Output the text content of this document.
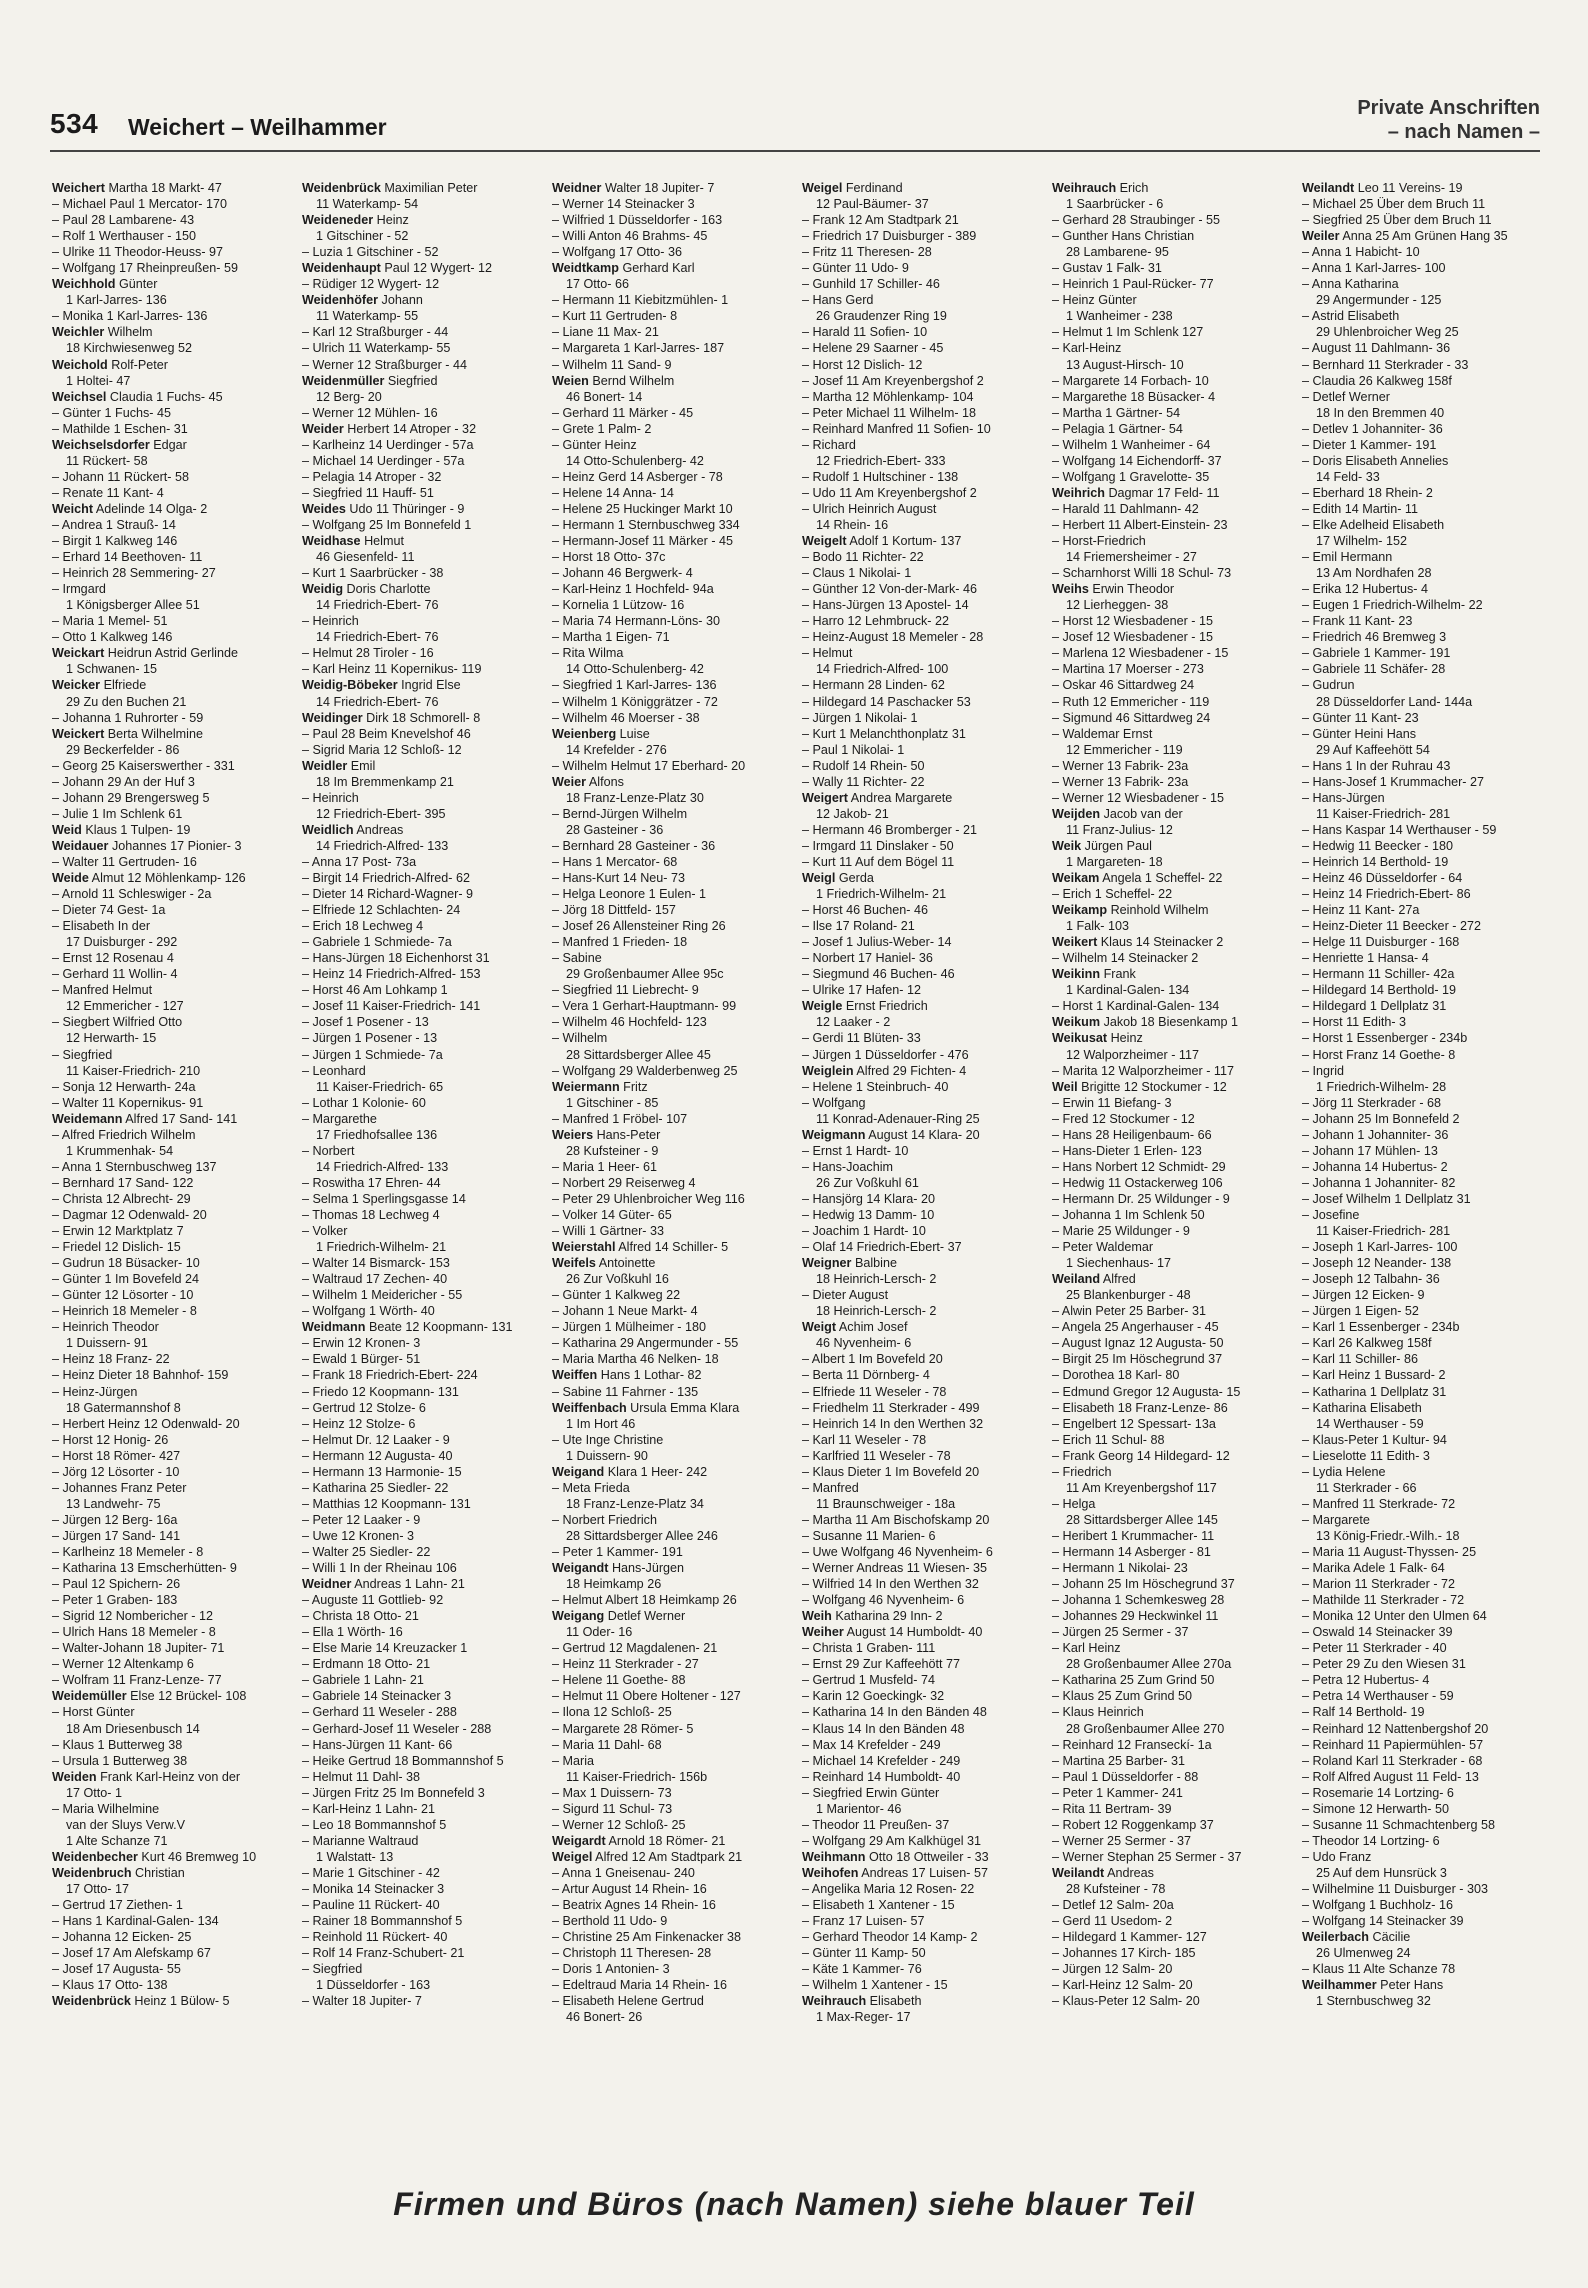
534 Weichert – Weilhammer
Private Anschriften
– nach Namen –
Weichert Martha 18 Markt- 47
– Michael Paul 1 Mercator- 170
– Paul 28 Lambarene- 43
– Rolf 1 Werthauser - 150
– Ulrike 11 Theodor-Heuss- 97
– Wolfgang 17 Rheinpreußen- 59
Weichhold Günter
1 Karl-Jarres- 136
– Monika 1 Karl-Jarres- 136
Weichler Wilhelm
18 Kirchwiesenweg 52
Weichold Rolf-Peter
1 Holtei- 47
Weichsel Claudia 1 Fuchs- 45
– Günter 1 Fuchs- 45
– Mathilde 1 Eschen- 31
Weichselsdorfer Edgar
11 Rückert- 58
– Johann 11 Rückert- 58
– Renate 11 Kant- 4
Weicht Adelinde 14 Olga- 2
– Andrea 1 Strauß- 14
– Birgit 1 Kalkweg 146
– Erhard 14 Beethoven- 11
– Heinrich 28 Semmering- 27
– Irmgard
1 Königsberger Allee 51
– Maria 1 Memel- 51
– Otto 1 Kalkweg 146
Weickart Heidrun Astrid Gerlinde
1 Schwanen- 15
Weicker Elfriede
29 Zu den Buchen 21
– Johanna 1 Ruhrorter - 59
Weickert Berta Wilhelmine
29 Beckerfelder - 86
– Georg 25 Kaiserswerther - 331
– Johann 29 An der Huf 3
– Johann 29 Brengersweg 5
– Julie 1 Im Schlenk 61
Weid Klaus 1 Tulpen- 19
Weidauer Johannes 17 Pionier- 3
– Walter 11 Gertruden- 16
Weide Almut 12 Möhlenkamp- 126
– Arnold 11 Schleswiger - 2a
– Dieter 74 Gest- 1a
– Elisabeth In der
17 Duisburger - 292
– Ernst 12 Rosenau 4
– Gerhard 11 Wollin- 4
– Manfred Helmut
12 Emmericher - 127
– Siegbert Wilfried Otto
12 Herwarth- 15
– Siegfried
11 Kaiser-Friedrich- 210
– Sonja 12 Herwarth- 24a
– Walter 11 Kopernikus- 91
Weidemann Alfred 17 Sand- 141
– Alfred Friedrich Wilhelm
1 Krummenhak- 54
– Anna 1 Sternbuschweg 137
– Bernhard 17 Sand- 122
– Christa 12 Albrecht- 29
– Dagmar 12 Odenwald- 20
– Erwin 12 Marktplatz 7
– Friedel 12 Dislich- 15
– Gudrun 18 Büsacker- 10
– Günter 1 Im Bovefeld 24
– Günter 12 Lösorter - 10
– Heinrich 18 Memeler - 8
– Heinrich Theodor
1 Duissern- 91
– Heinz 18 Franz- 22
– Heinz Dieter 18 Bahnhof- 159
– Heinz-Jürgen
18 Gatermannshof 8
– Herbert Heinz 12 Odenwald- 20
– Horst 12 Honig- 26
– Horst 18 Römer- 427
– Jörg 12 Lösorter - 10
– Johannes Franz Peter
13 Landwehr- 75
– Jürgen 12 Berg- 16a
– Jürgen 17 Sand- 141
– Karlheinz 18 Memeler - 8
– Katharina 13 Emscherhütten- 9
– Paul 12 Spichern- 26
– Peter 1 Graben- 183
– Sigrid 12 Nombericher - 12
– Ulrich Hans 18 Memeler - 8
– Walter-Johann 18 Jupiter- 71
– Werner 12 Altenkamp 6
– Wolfram 11 Franz-Lenze- 77
Weidemüller Else 12 Brückel- 108
– Horst Günter
18 Am Driesenbusch 14
– Klaus 1 Butterweg 38
– Ursula 1 Butterweg 38
Weiden Frank Karl-Heinz von der
17 Otto- 1
– Maria Wilhelmine
van der Sluys Verw.V
1 Alte Schanze 71
Weidenbecher Kurt 46 Bremweg 10
Weidenbruch Christian
17 Otto- 17
– Gertrud 17 Ziethen- 1
– Hans 1 Kardinal-Galen- 134
– Johanna 12 Eicken- 25
– Josef 17 Am Alefskamp 67
– Josef 17 Augusta- 55
– Klaus 17 Otto- 138
Weidenbrück Heinz 1 Bülow- 5
Weidenbrück Maximilian Peter
11 Waterkamp- 54
Weideneder Heinz
1 Gitschiner - 52
– Luzia 1 Gitschiner - 52
Weidenhaupt Paul 12 Wygert- 12
– Rüdiger 12 Wygert- 12
Weidenhöfer Johann
11 Waterkamp- 55
– Karl 12 Straßburger - 44
– Ulrich 11 Waterkamp- 55
– Werner 12 Straßburger - 44
Weidenmüller Siegfried
12 Berg- 20
– Werner 12 Mühlen- 16
Weider Herbert 14 Atroper - 32
– Karlheinz 14 Uerdinger - 57a
– Michael 14 Uerdinger - 57a
– Pelagia 14 Atroper - 32
– Siegfried 11 Hauff- 51
Weides Udo 11 Thüringer - 9
– Wolfgang 25 Im Bonnefeld 1
Weidhase Helmut
46 Giesenfeld- 11
– Kurt 1 Saarbrücker - 38
Weidig Doris Charlotte
14 Friedrich-Ebert- 76
– Heinrich
14 Friedrich-Ebert- 76
– Helmut 28 Tiroler - 16
– Karl Heinz 11 Kopernikus- 119
Weidig-Böbeker Ingrid Else
14 Friedrich-Ebert- 76
Weidinger Dirk 18 Schmorell- 8
– Paul 28 Beim Knevelshof 46
– Sigrid Maria 12 Schloß- 12
Weidler Emil
18 Im Bremmenkamp 21
– Heinrich
12 Friedrich-Ebert- 395
Weidlich Andreas
14 Friedrich-Alfred- 133
– Anna 17 Post- 73a
– Birgit 14 Friedrich-Alfred- 62
– Dieter 14 Richard-Wagner- 9
– Elfriede 12 Schlachten- 24
– Erich 18 Lechweg 4
– Gabriele 1 Schmiede- 7a
– Hans-Jürgen 18 Eichenhorst 31
– Heinz 14 Friedrich-Alfred- 153
– Horst 46 Am Lohkamp 1
– Josef 11 Kaiser-Friedrich- 141
– Josef 1 Posener - 13
– Jürgen 1 Posener - 13
– Jürgen 1 Schmiede- 7a
– Leonhard
11 Kaiser-Friedrich- 65
– Lothar 1 Kolonie- 60
– Margarethe
17 Friedhofsallee 136
– Norbert
14 Friedrich-Alfred- 133
– Roswitha 17 Ehren- 44
– Selma 1 Sperlingsgasse 14
– Thomas 18 Lechweg 4
– Volker
1 Friedrich-Wilhelm- 21
– Walter 14 Bismarck- 153
– Waltraud 17 Zechen- 40
– Wilhelm 1 Meidericher - 55
– Wolfgang 1 Wörth- 40
Weidmann Beate 12 Koopmann- 131
– Erwin 12 Kronen- 3
– Ewald 1 Bürger- 51
– Frank 18 Friedrich-Ebert- 224
– Friedo 12 Koopmann- 131
– Gertrud 12 Stolze- 6
– Heinz 12 Stolze- 6
– Helmut Dr. 12 Laaker - 9
– Hermann 12 Augusta- 40
– Hermann 13 Harmonie- 15
– Katharina 25 Siedler- 22
– Matthias 12 Koopmann- 131
– Peter 12 Laaker - 9
– Uwe 12 Kronen- 3
– Walter 25 Siedler- 22
– Willi 1 In der Rheinau 106
Weidner Andreas 1 Lahn- 21
– Auguste 11 Gottlieb- 92
– Christa 18 Otto- 21
– Ella 1 Wörth- 16
– Else Marie 14 Kreuzacker 1
– Erdmann 18 Otto- 21
– Gabriele 1 Lahn- 21
– Gabriele 14 Steinacker 3
– Gerhard 11 Weseler - 288
– Gerhard-Josef 11 Weseler - 288
– Hans-Jürgen 11 Kant- 66
– Heike Gertrud 18 Bommannshof 5
– Helmut 11 Dahl- 38
– Jürgen Fritz 25 Im Bonnefeld 3
– Karl-Heinz 1 Lahn- 21
– Leo 18 Bommannshof 5
– Marianne Waltraud
1 Walstatt- 13
– Marie 1 Gitschiner - 42
– Monika 14 Steinacker 3
– Pauline 11 Rückert- 40
– Rainer 18 Bommannshof 5
– Reinhold 11 Rückert- 40
– Rolf 14 Franz-Schubert- 21
– Siegfried
1 Düsseldorfer - 163
– Walter 18 Jupiter- 7
Weidner Walter 18 Jupiter- 7
– Werner 14 Steinacker 3
– Wilfried 1 Düsseldorfer - 163
– Willi Anton 46 Brahms- 45
– Wolfgang 17 Otto- 36
Weidtkamp Gerhard Karl
17 Otto- 66
– Hermann 11 Kiebitzmühlen- 1
– Kurt 11 Gertruden- 8
– Liane 11 Max- 21
– Margareta 1 Karl-Jarres- 187
– Wilhelm 11 Sand- 9
Weien Bernd Wilhelm
46 Bonert- 14
– Gerhard 11 Märker - 45
– Grete 1 Palm- 2
– Günter Heinz
14 Otto-Schulenberg- 42
– Heinz Gerd 14 Asberger - 78
– Helene 14 Anna- 14
– Helene 25 Huckinger Markt 10
– Hermann 1 Sternbuschweg 334
– Hermann-Josef 11 Märker - 45
– Horst 18 Otto- 37c
– Johann 46 Bergwerk- 4
– Karl-Heinz 1 Hochfeld- 94a
– Kornelia 1 Lützow- 16
– Maria 74 Hermann-Löns- 30
– Martha 1 Eigen- 71
– Rita Wilma
14 Otto-Schulenberg- 42
– Siegfried 1 Karl-Jarres- 136
– Wilhelm 1 Königgrätzer - 72
– Wilhelm 46 Moerser - 38
Weienberg Luise
14 Krefelder - 276
– Wilhelm Helmut 17 Eberhard- 20
Weier Alfons
18 Franz-Lenze-Platz 30
– Bernd-Jürgen Wilhelm
28 Gasteiner - 36
– Bernhard 28 Gasteiner - 36
– Hans 1 Mercator- 68
– Hans-Kurt 14 Neu- 73
– Helga Leonore 1 Eulen- 1
– Jörg 18 Dittfeld- 157
– Josef 26 Allensteiner Ring 26
– Manfred 1 Frieden- 18
– Sabine
29 Großenbaumer Allee 95c
– Siegfried 11 Liebrecht- 9
– Vera 1 Gerhart-Hauptmann- 99
– Wilhelm 46 Hochfeld- 123
– Wilhelm
28 Sittardsberger Allee 45
– Wolfgang 29 Walderbenweg 25
Weiermann Fritz
1 Gitschiner - 85
– Manfred 1 Fröbel- 107
Weiers Hans-Peter
28 Kufsteiner - 9
– Maria 1 Heer- 61
– Norbert 29 Reiserweg 4
– Peter 29 Uhlenbroicher Weg 116
– Volker 14 Güter- 65
– Willi 1 Gärtner- 33
Weierstahl Alfred 14 Schiller- 5
Weifels Antoinette
26 Zur Voßkuhl 16
– Günter 1 Kalkweg 22
– Johann 1 Neue Markt- 4
– Jürgen 1 Mülheimer - 180
– Katharina 29 Angermunder - 55
– Maria Martha 46 Nelken- 18
Weiffen Hans 1 Lothar- 82
– Sabine 11 Fahrner - 135
Weiffenbach Ursula Emma Klara
1 Im Hort 46
– Ute Inge Christine
1 Duissern- 90
Weigand Klara 1 Heer- 242
– Meta Frieda
18 Franz-Lenze-Platz 34
– Norbert Friedrich
28 Sittardsberger Allee 246
– Peter 1 Kammer- 191
Weigandt Hans-Jürgen
18 Heimkamp 26
– Helmut Albert 18 Heimkamp 26
Weigang Detlef Werner
11 Oder- 16
– Gertrud 12 Magdalenen- 21
– Heinz 11 Sterkrader - 27
– Helene 11 Goethe- 88
– Helmut 11 Obere Holtener - 127
– Ilona 12 Schloß- 25
– Margarete 28 Römer- 5
– Maria 11 Dahl- 68
– Maria
11 Kaiser-Friedrich- 156b
– Max 1 Duissern- 73
– Sigurd 11 Schul- 73
– Werner 12 Schloß- 25
Weigardt Arnold 18 Römer- 21
Weigel Alfred 12 Am Stadtpark 21
– Anna 1 Gneisenau- 240
– Artur August 14 Rhein- 16
– Beatrix Agnes 14 Rhein- 16
– Berthold 11 Udo- 9
– Christine 25 Am Finkenacker 38
– Christoph 11 Theresen- 28
– Doris 1 Antonien- 3
– Edeltraud Maria 14 Rhein- 16
– Elisabeth Helene Gertrud
46 Bonert- 26
Weigel Ferdinand
12 Paul-Bäumer- 37
– Frank 12 Am Stadtpark 21
– Friedrich 17 Duisburger - 389
– Fritz 11 Theresen- 28
– Günter 11 Udo- 9
– Gunhild 17 Schiller- 46
– Hans Gerd
26 Graudenzer Ring 19
– Harald 11 Sofien- 10
– Helene 29 Saarner - 45
– Horst 12 Dislich- 12
– Josef 11 Am Kreyenbergshof 2
– Martha 12 Möhlenkamp- 104
– Peter Michael 11 Wilhelm- 18
– Reinhard Manfred 11 Sofien- 10
– Richard
12 Friedrich-Ebert- 333
– Rudolf 1 Hultschiner - 138
– Udo 11 Am Kreyenbergshof 2
– Ulrich Heinrich August
14 Rhein- 16
Weigelt Adolf 1 Kortum- 137
– Bodo 11 Richter- 22
– Claus 1 Nikolai- 1
– Günther 12 Von-der-Mark- 46
– Hans-Jürgen 13 Apostel- 14
– Harro 12 Lehmbruck- 22
– Heinz-August 18 Memeler - 28
– Helmut
14 Friedrich-Alfred- 100
– Hermann 28 Linden- 62
– Hildegard 14 Paschacker 53
– Jürgen 1 Nikolai- 1
– Kurt 1 Melanchthonplatz 31
– Paul 1 Nikolai- 1
– Rudolf 14 Rhein- 50
– Wally 11 Richter- 22
Weigert Andrea Margarete
12 Jakob- 21
– Hermann 46 Bromberger - 21
– Irmgard 11 Dinslaker - 50
– Kurt 11 Auf dem Bögel 11
Weigl Gerda
1 Friedrich-Wilhelm- 21
– Horst 46 Buchen- 46
– Ilse 17 Roland- 21
– Josef 1 Julius-Weber- 14
– Norbert 17 Haniel- 36
– Siegmund 46 Buchen- 46
– Ulrike 17 Hafen- 12
Weigle Ernst Friedrich
12 Laaker - 2
– Gerdi 11 Blüten- 33
– Jürgen 1 Düsseldorfer - 476
Weiglein Alfred 29 Fichten- 4
– Helene 1 Steinbruch- 40
– Wolfgang
11 Konrad-Adenauer-Ring 25
Weigmann August 14 Klara- 20
– Ernst 1 Hardt- 10
– Hans-Joachim
26 Zur Voßkuhl 61
– Hansjörg 14 Klara- 20
– Hedwig 13 Damm- 10
– Joachim 1 Hardt- 10
– Olaf 14 Friedrich-Ebert- 37
Weigner Balbine
18 Heinrich-Lersch- 2
– Dieter August
18 Heinrich-Lersch- 2
Weigt Achim Josef
46 Nyvenheim- 6
– Albert 1 Im Bovefeld 20
– Berta 11 Dörnberg- 4
– Elfriede 11 Weseler - 78
– Friedhelm 11 Sterkrader - 499
– Heinrich 14 In den Werthen 32
– Karl 11 Weseler - 78
– Karlfried 11 Weseler - 78
– Klaus Dieter 1 Im Bovefeld 20
– Manfred
11 Braunschweiger - 18a
– Martha 11 Am Bischofskamp 20
– Susanne 11 Marien- 6
– Uwe Wolfgang 46 Nyvenheim- 6
– Werner Andreas 11 Wiesen- 35
– Wilfried 14 In den Werthen 32
– Wolfgang 46 Nyvenheim- 6
Weih Katharina 29 Inn- 2
Weiher August 14 Humboldt- 40
– Christa 1 Graben- 111
– Ernst 29 Zur Kaffeehött 77
– Gertrud 1 Musfeld- 74
– Karin 12 Goeckingk- 32
– Katharina 14 In den Bänden 48
– Klaus 14 In den Bänden 48
– Max 14 Krefelder - 249
– Michael 14 Krefelder - 249
– Reinhard 14 Humboldt- 40
– Siegfried Erwin Günter
1 Marientor- 46
– Theodor 11 Preußen- 37
– Wolfgang 29 Am Kalkhügel 31
Weihmann Otto 18 Ottweiler - 33
Weihofen Andreas 17 Luisen- 57
– Angelika Maria 12 Rosen- 22
– Elisabeth 1 Xantener - 15
– Franz 17 Luisen- 57
– Gerhard Theodor 14 Kamp- 2
– Günter 11 Kamp- 50
– Käte 1 Kammer- 76
– Wilhelm 1 Xantener - 15
Weihrauch Elisabeth
1 Max-Reger- 17
Weihrauch Erich
1 Saarbrücker - 6
– Gerhard 28 Straubinger - 55
– Gunther Hans Christian
28 Lambarene- 95
– Gustav 1 Falk- 31
– Heinrich 1 Paul-Rücker- 77
– Heinz Günter
1 Wanheimer - 238
– Helmut 1 Im Schlenk 127
– Karl-Heinz
13 August-Hirsch- 10
– Margarete 14 Forbach- 10
– Margarethe 18 Büsacker- 4
– Martha 1 Gärtner- 54
– Pelagia 1 Gärtner- 54
– Wilhelm 1 Wanheimer - 64
– Wolfgang 14 Eichendorff- 37
– Wolfgang 1 Gravelotte- 35
Weihrich Dagmar 17 Feld- 11
– Harald 11 Dahlmann- 42
– Herbert 11 Albert-Einstein- 23
– Horst-Friedrich
14 Friemersheimer - 27
– Scharnhorst Willi 18 Schul- 73
Weihs Erwin Theodor
12 Lierheggen- 38
– Horst 12 Wiesbadener - 15
– Josef 12 Wiesbadener - 15
– Marlena 12 Wiesbadener - 15
– Martina 17 Moerser - 273
– Oskar 46 Sittardweg 24
– Ruth 12 Emmericher - 119
– Sigmund 46 Sittardweg 24
– Waldemar Ernst
12 Emmericher - 119
– Werner 13 Fabrik- 23a
– Werner 13 Fabrik- 23a
– Werner 12 Wiesbadener - 15
Weijden Jacob van der
11 Franz-Julius- 12
Weik Jürgen Paul
1 Margareten- 18
Weikam Angela 1 Scheffel- 22
– Erich 1 Scheffel- 22
Weikamp Reinhold Wilhelm
1 Falk- 103
Weikert Klaus 14 Steinacker 2
– Wilhelm 14 Steinacker 2
Weikinn Frank
1 Kardinal-Galen- 134
– Horst 1 Kardinal-Galen- 134
Weikum Jakob 18 Biesenkamp 1
Weikusat Heinz
12 Walporzheimer - 117
– Marita 12 Walporzheimer - 117
Weil Brigitte 12 Stockumer - 12
– Erwin 11 Biefang- 3
– Fred 12 Stockumer - 12
– Hans 28 Heiligenbaum- 66
– Hans-Dieter 1 Erlen- 123
– Hans Norbert 12 Schmidt- 29
– Hedwig 11 Ostackerweg 106
– Hermann Dr. 25 Wildunger - 9
– Johanna 1 Im Schlenk 50
– Marie 25 Wildunger - 9
– Peter Waldemar
1 Siechenhaus- 17
Weiland Alfred
25 Blankenburger - 48
– Alwin Peter 25 Barber- 31
– Angela 25 Angerhauser - 45
– August Ignaz 12 Augusta- 50
– Birgit 25 Im Höschegrund 37
– Dorothea 18 Karl- 80
– Edmund Gregor 12 Augusta- 15
– Elisabeth 18 Franz-Lenze- 86
– Engelbert 12 Spessart- 13a
– Erich 11 Schul- 88
– Frank Georg 14 Hildegard- 12
– Friedrich
11 Am Kreyenbergshof 117
– Helga
28 Sittardsberger Allee 145
– Heribert 1 Krummacher- 11
– Hermann 14 Asberger - 81
– Hermann 1 Nikolai- 23
– Johann 25 Im Höschegrund 37
– Johanna 1 Schemkesweg 28
– Johannes 29 Heckwinkel 11
– Jürgen 25 Sermer - 37
– Karl Heinz
28 Großenbaumer Allee 270a
– Katharina 25 Zum Grind 50
– Klaus 25 Zum Grind 50
– Klaus Heinrich
28 Großenbaumer Allee 270
– Reinhard 12 Franseckí- 1a
– Martina 25 Barber- 31
– Paul 1 Düsseldorfer - 88
– Peter 1 Kammer- 241
– Rita 11 Bertram- 39
– Robert 12 Roggenkamp 37
– Werner 25 Sermer - 37
– Werner Stephan 25 Sermer - 37
Weilandt Andreas
28 Kufsteiner - 78
– Detlef 12 Salm- 20a
– Gerd 11 Usedom- 2
– Hildegard 1 Kammer- 127
– Johannes 17 Kirch- 185
– Jürgen 12 Salm- 20
– Karl-Heinz 12 Salm- 20
– Klaus-Peter 12 Salm- 20
Weilandt Leo 11 Vereins- 19
– Michael 25 Über dem Bruch 11
– Siegfried 25 Über dem Bruch 11
Weiler Anna 25 Am Grünen Hang 35
– Anna 1 Habicht- 10
– Anna 1 Karl-Jarres- 100
– Anna Katharina
29 Angermunder - 125
– Astrid Elisabeth
29 Uhlenbroicher Weg 25
– August 11 Dahlmann- 36
– Bernhard 11 Sterkrader - 33
– Claudia 26 Kalkweg 158f
– Detlef Werner
18 In den Bremmen 40
– Detlev 1 Johanniter- 36
– Dieter 1 Kammer- 191
– Doris Elisabeth Annelies
14 Feld- 33
– Eberhard 18 Rhein- 2
– Edith 14 Martin- 11
– Elke Adelheid Elisabeth
17 Wilhelm- 152
– Emil Hermann
13 Am Nordhafen 28
– Erika 12 Hubertus- 4
– Eugen 1 Friedrich-Wilhelm- 22
– Frank 11 Kant- 23
– Friedrich 46 Bremweg 3
– Gabriele 1 Kammer- 191
– Gabriele 11 Schäfer- 28
– Gudrun
28 Düsseldorfer Land- 144a
– Günter 11 Kant- 23
– Günter Heini Hans
29 Auf Kaffeehött 54
– Hans 1 In der Ruhrau 43
– Hans-Josef 1 Krummacher- 27
– Hans-Jürgen
11 Kaiser-Friedrich- 281
– Hans Kaspar 14 Werthauser - 59
– Hedwig 11 Beecker - 180
– Heinrich 14 Berthold- 19
– Heinz 46 Düsseldorfer - 64
– Heinz 14 Friedrich-Ebert- 86
– Heinz 11 Kant- 27a
– Heinz-Dieter 11 Beecker - 272
– Helge 11 Duisburger - 168
– Henriette 1 Hansa- 4
– Hermann 11 Schiller- 42a
– Hildegard 14 Berthold- 19
– Hildegard 1 Dellplatz 31
– Horst 11 Edith- 3
– Horst 1 Essenberger - 234b
– Horst Franz 14 Goethe- 8
– Ingrid
1 Friedrich-Wilhelm- 28
– Jörg 11 Sterkrader - 68
– Johann 25 Im Bonnefeld 2
– Johann 1 Johanniter- 36
– Johann 17 Mühlen- 13
– Johanna 14 Hubertus- 2
– Johanna 1 Johanniter- 82
– Josef Wilhelm 1 Dellplatz 31
– Josefine
11 Kaiser-Friedrich- 281
– Joseph 1 Karl-Jarres- 100
– Joseph 12 Neander- 138
– Joseph 12 Talbahn- 36
– Jürgen 12 Eicken- 9
– Jürgen 1 Eigen- 52
– Karl 1 Essenberger - 234b
– Karl 26 Kalkweg 158f
– Karl 11 Schiller- 86
– Karl Heinz 1 Bussard- 2
– Katharina 1 Dellplatz 31
– Katharina Elisabeth
14 Werthauser - 59
– Klaus-Peter 1 Kultur- 94
– Lieselotte 11 Edith- 3
– Lydia Helene
11 Sterkrader - 66
– Manfred 11 Sterkrade- 72
– Margarete
13 König-Friedr.-Wilh.- 18
– Maria 11 August-Thyssen- 25
– Marika Adele 1 Falk- 64
– Marion 11 Sterkrader - 72
– Mathilde 11 Sterkrader - 72
– Monika 12 Unter den Ulmen 64
– Oswald 14 Steinacker 39
– Peter 11 Sterkrader - 40
– Peter 29 Zu den Wiesen 31
– Petra 12 Hubertus- 4
– Petra 14 Werthauser - 59
– Ralf 14 Berthold- 19
– Reinhard 12 Nattenbergshof 20
– Reinhard 11 Papiermühlen- 57
– Roland Karl 11 Sterkrader - 68
– Rolf Alfred August 11 Feld- 13
– Rosemarie 14 Lortzing- 6
– Simone 12 Herwarth- 50
– Susanne 11 Schmachtenberg 58
– Theodor 14 Lortzing- 6
– Udo Franz
25 Auf dem Hunsrück 3
– Wilhelmine 11 Duisburger - 303
– Wolfgang 1 Buchholz- 16
– Wolfgang 14 Steinacker 39
Weilerbach Cäcilie
26 Ulmenweg 24
– Klaus 11 Alte Schanze 78
Weilhammer Peter Hans
1 Sternbuschweg 32
Firmen und Büros (nach Namen) siehe blauer Teil
